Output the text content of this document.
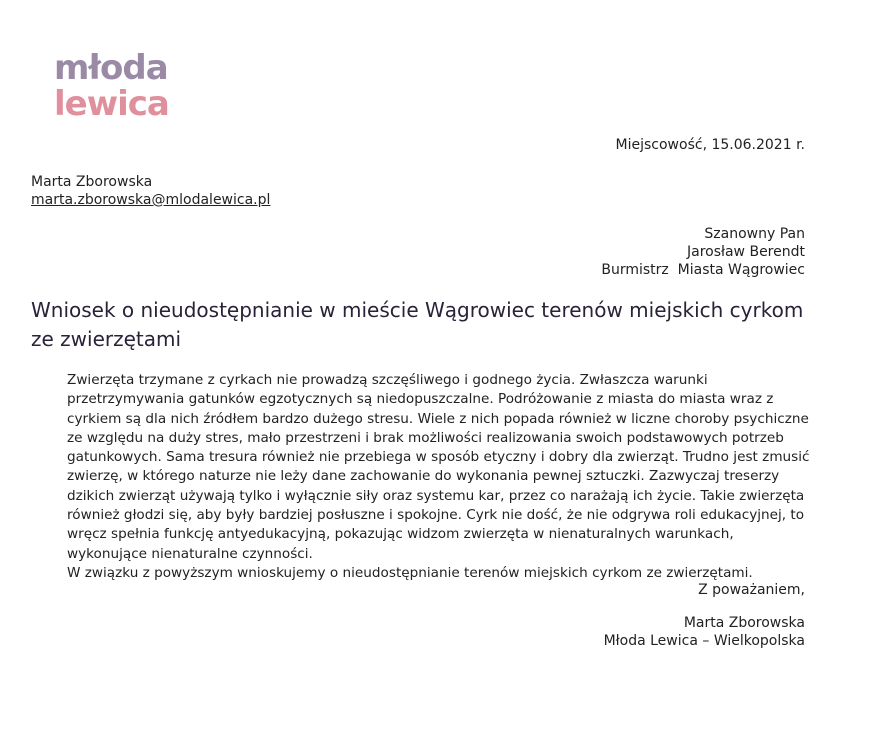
młoda
lewica
Miejscowość, 15.06.2021 r.
Marta Zborowska
marta.zborowska@mlodalewica.pl
Szanowny Pan
Jarosław Berendt
Burmistrz  Miasta Wągrowiec
Wniosek o nieudostępnianie w mieście Wągrowiec terenów miejskich cyrkom ze zwierzętami

Zwierzęta trzymane z cyrkach nie prowadzą szczęśliwego i godnego życia. Zwłaszcza warunki przetrzymywania gatunków egzotycznych są niedopuszczalne. Podróżowanie z miasta do miasta wraz z cyrkiem są dla nich źródłem bardzo dużego stresu. Wiele z nich popada również w liczne choroby psychiczne ze względu na duży stres, mało przestrzeni i brak możliwości realizowania swoich podstawowych potrzeb gatunkowych. Sama tresura również nie przebiega w sposób etyczny i dobry dla zwierząt. Trudno jest zmusić zwierzę, w którego naturze nie leży dane zachowanie do wykonania pewnej sztuczki. Zazwyczaj treserzy dzikich zwierząt używają tylko i wyłącznie siły oraz systemu kar, przez co narażają ich życie. Takie zwierzęta również głodzi się, aby były bardziej posłuszne i spokojne. Cyrk nie dość, że nie odgrywa roli edukacyjnej, to wręcz spełnia funkcję antyedukacyjną, pokazując widzom zwierzęta w nienaturalnych warunkach, wykonujące nienaturalne czynności.

W związku z powyższym wnioskujemy o nieudostępnianie terenów miejskich cyrkom ze zwierzętami.

Z poważaniem,
Marta Zborowska
Młoda Lewica – Wielkopolska
